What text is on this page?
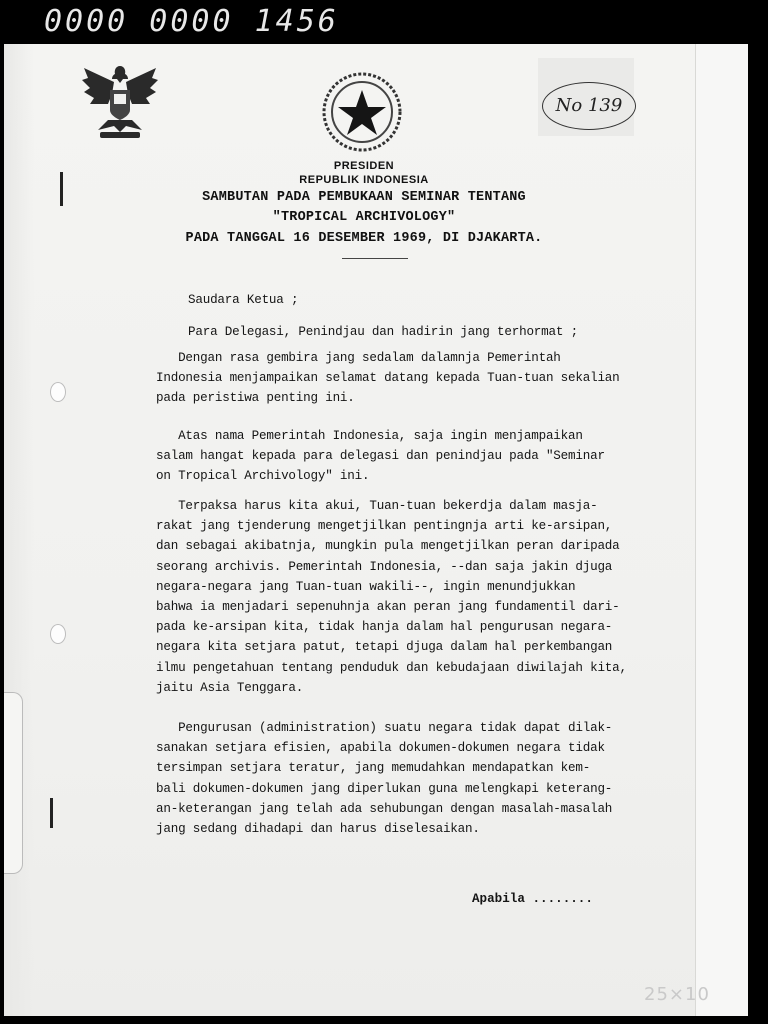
0000 0000 1456
No 139
PRESIDEN
REPUBLIK INDONESIA
SAMBUTAN PADA PEMBUKAAN SEMINAR TENTANG
"TROPICAL ARCHIVOLOGY"
PADA TANGGAL 16 DESEMBER 1969, DI DJAKARTA.
Saudara Ketua ;
Para Delegasi, Penindjau dan hadirin jang terhormat ;
Dengan rasa gembira jang sedalam dalamnja Pemerintah
Indonesia menjampaikan selamat datang kepada Tuan-tuan sekalian
pada peristiwa penting ini.
Atas nama Pemerintah Indonesia, saja ingin menjampaikan
salam hangat kepada para delegasi dan penindjau pada "Seminar
on Tropical Archivology" ini.
Terpaksa harus kita akui, Tuan-tuan bekerdja dalam masja-
rakat jang tjenderung mengetjilkan pentingnja arti ke-arsipan,
dan sebagai akibatnja, mungkin pula mengetjilkan peran daripada
seorang archivis. Pemerintah Indonesia, --dan saja jakin djuga
negara-negara jang Tuan-tuan wakili--, ingin menundjukkan
bahwa ia menjadari sepenuhnja akan peran jang fundamentil dari-
pada ke-arsipan kita, tidak hanja dalam hal pengurusan negara-
negara kita setjara patut, tetapi djuga dalam hal perkembangan
ilmu pengetahuan tentang penduduk dan kebudajaan diwilajah kita,
jaitu Asia Tenggara.
Pengurusan (administration) suatu negara tidak dapat dilak-
sanakan setjara efisien, apabila dokumen-dokumen negara tidak
tersimpan setjara teratur, jang memudahkan mendapatkan kem-
bali dokumen-dokumen jang diperlukan guna melengkapi keterang-
an-keterangan jang telah ada sehubungan dengan masalah-masalah
jang sedang dihadapi dan harus diselesaikan.
Apabila ........
25×10
